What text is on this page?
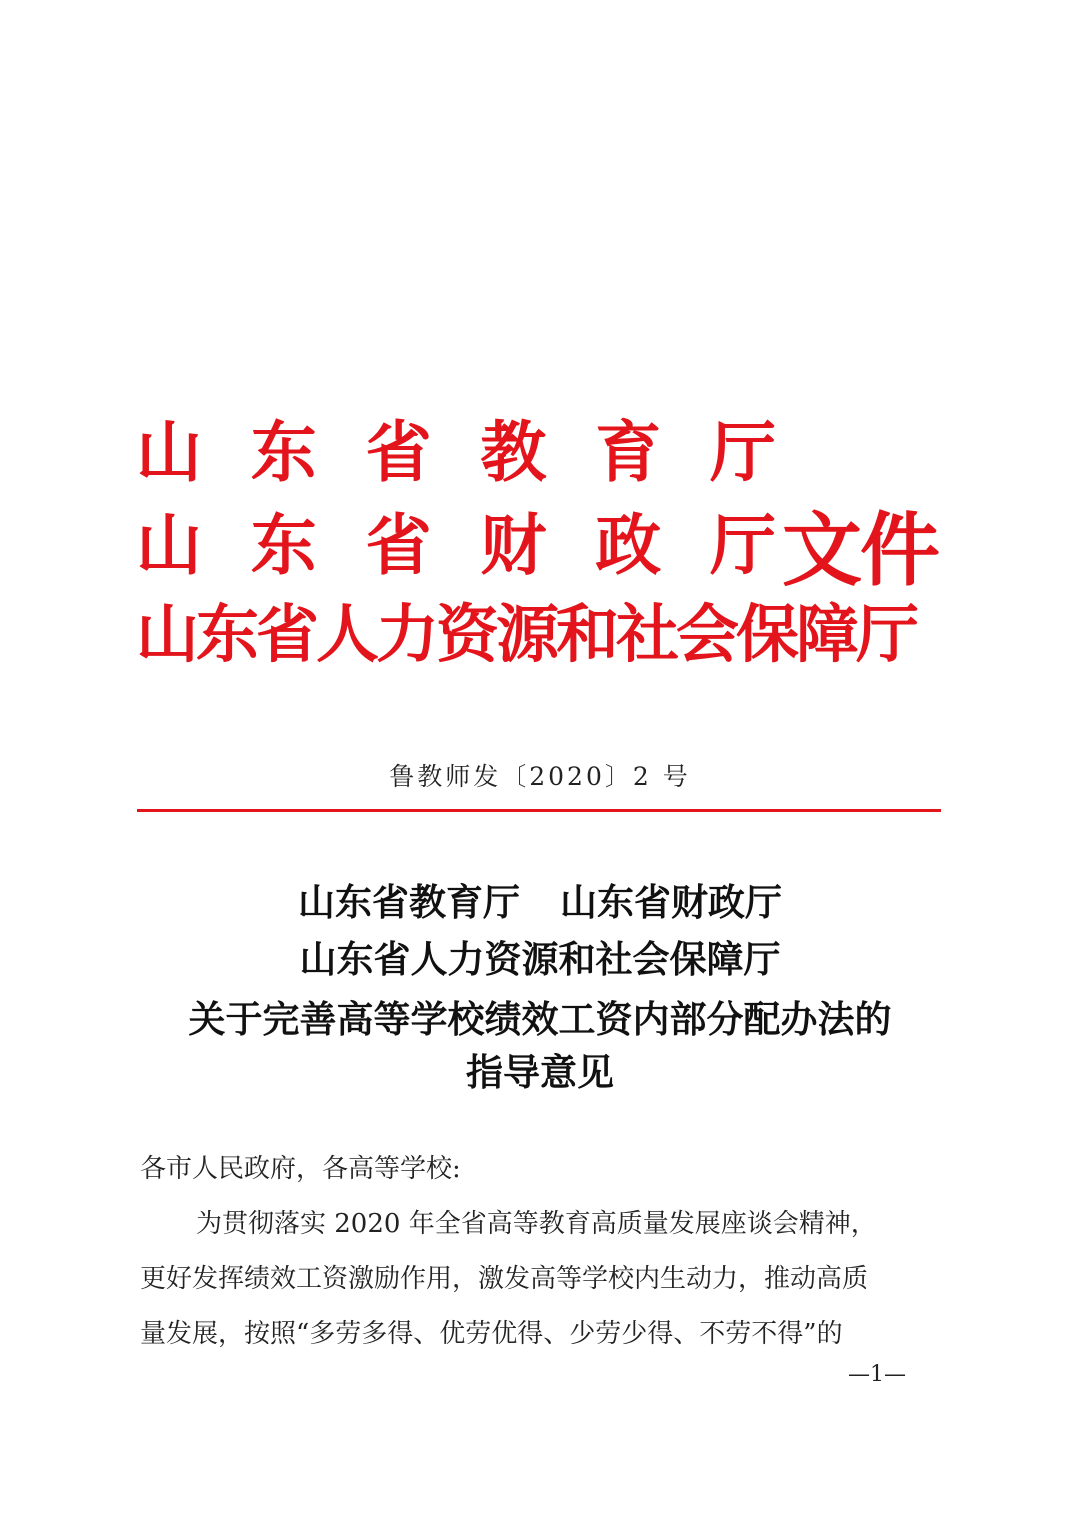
山 东 省 教 育 厅
山 东 省 财 政 厅
山东省人力资源和社会保障厅
文件
鲁教师发〔2020〕2 号
山东省教育厅 山东省财政厅
山东省人力资源和社会保障厅
关于完善高等学校绩效工资内部分配办法的
指导意见
各市人民政府，各高等学校:
为贯彻落实 2020 年全省高等教育高质量发展座谈会精神，
更好发挥绩效工资激励作用，激发高等学校内生动力，推动高质
量发展，按照“多劳多得、优劳优得、少劳少得、不劳不得”的
—1—
